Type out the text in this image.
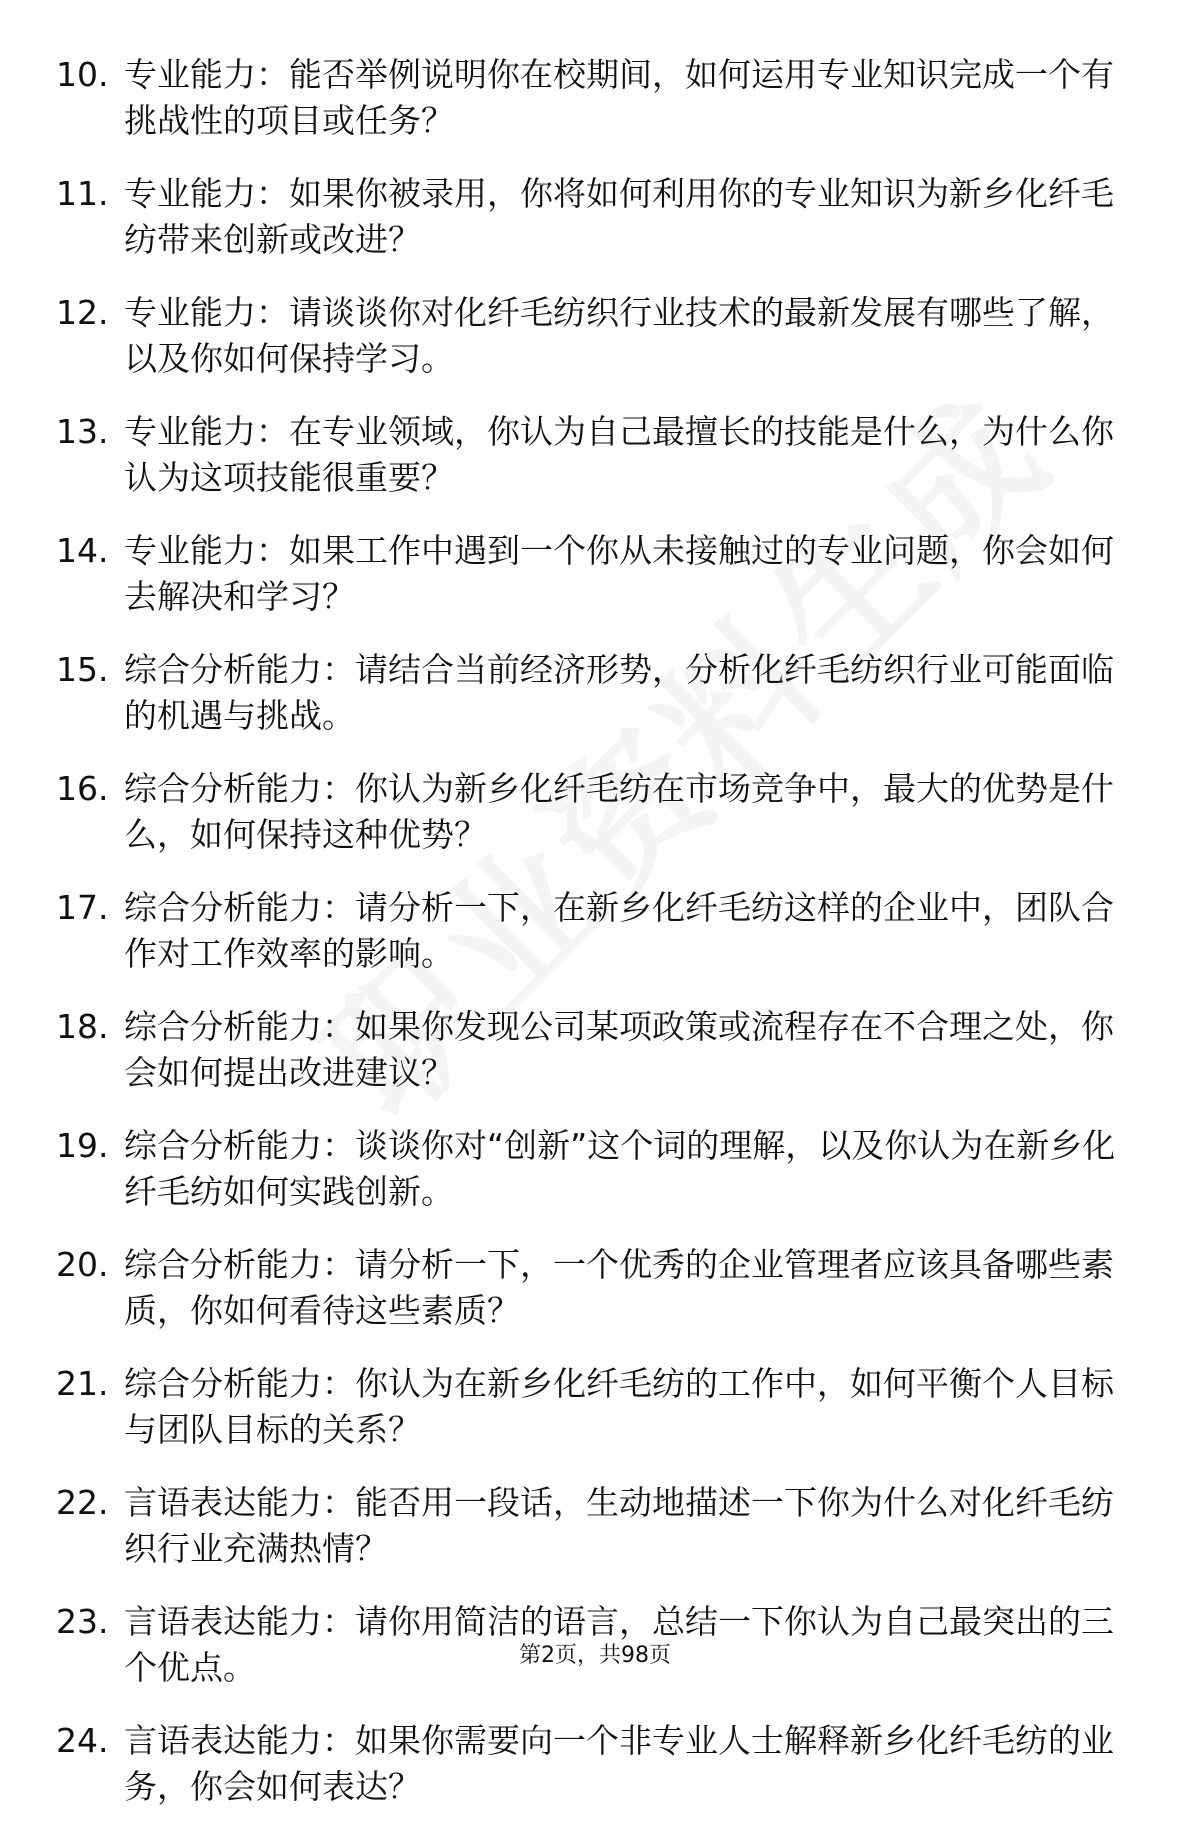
10. 专业能力：能否举例说明你在校期间，如何运用专业知识完成一个有挑战性的项目或任务？

11. 专业能力：如果你被录用，你将如何利用你的专业知识为新乡化纤毛纺带来创新或改进？

12. 专业能力：请谈谈你对化纤毛纺织行业技术的最新发展有哪些了解，以及你如何保持学习。

13. 专业能力：在专业领域，你认为自己最擅长的技能是什么，为什么你认为这项技能很重要？

14. 专业能力：如果工作中遇到一个你从未接触过的专业问题，你会如何去解决和学习？

15. 综合分析能力：请结合当前经济形势，分析化纤毛纺织行业可能面临的机遇与挑战。

16. 综合分析能力：你认为新乡化纤毛纺在市场竞争中，最大的优势是什么，如何保持这种优势？

17. 综合分析能力：请分析一下，在新乡化纤毛纺这样的企业中，团队合作对工作效率的影响。

18. 综合分析能力：如果你发现公司某项政策或流程存在不合理之处，你会如何提出改进建议？

19. 综合分析能力：谈谈你对“创新”这个词的理解，以及你认为在新乡化纤毛纺如何实践创新。

20. 综合分析能力：请分析一下，一个优秀的企业管理者应该具备哪些素质，你如何看待这些素质？

21. 综合分析能力：你认为在新乡化纤毛纺的工作中，如何平衡个人目标与团队目标的关系？

22. 言语表达能力：能否用一段话，生动地描述一下你为什么对化纤毛纺织行业充满热情？

23. 言语表达能力：请你用简洁的语言，总结一下你认为自己最突出的三个优点。

24. 言语表达能力：如果你需要向一个非专业人士解释新乡化纤毛纺的业务，你会如何表达？

第2页，共98页
